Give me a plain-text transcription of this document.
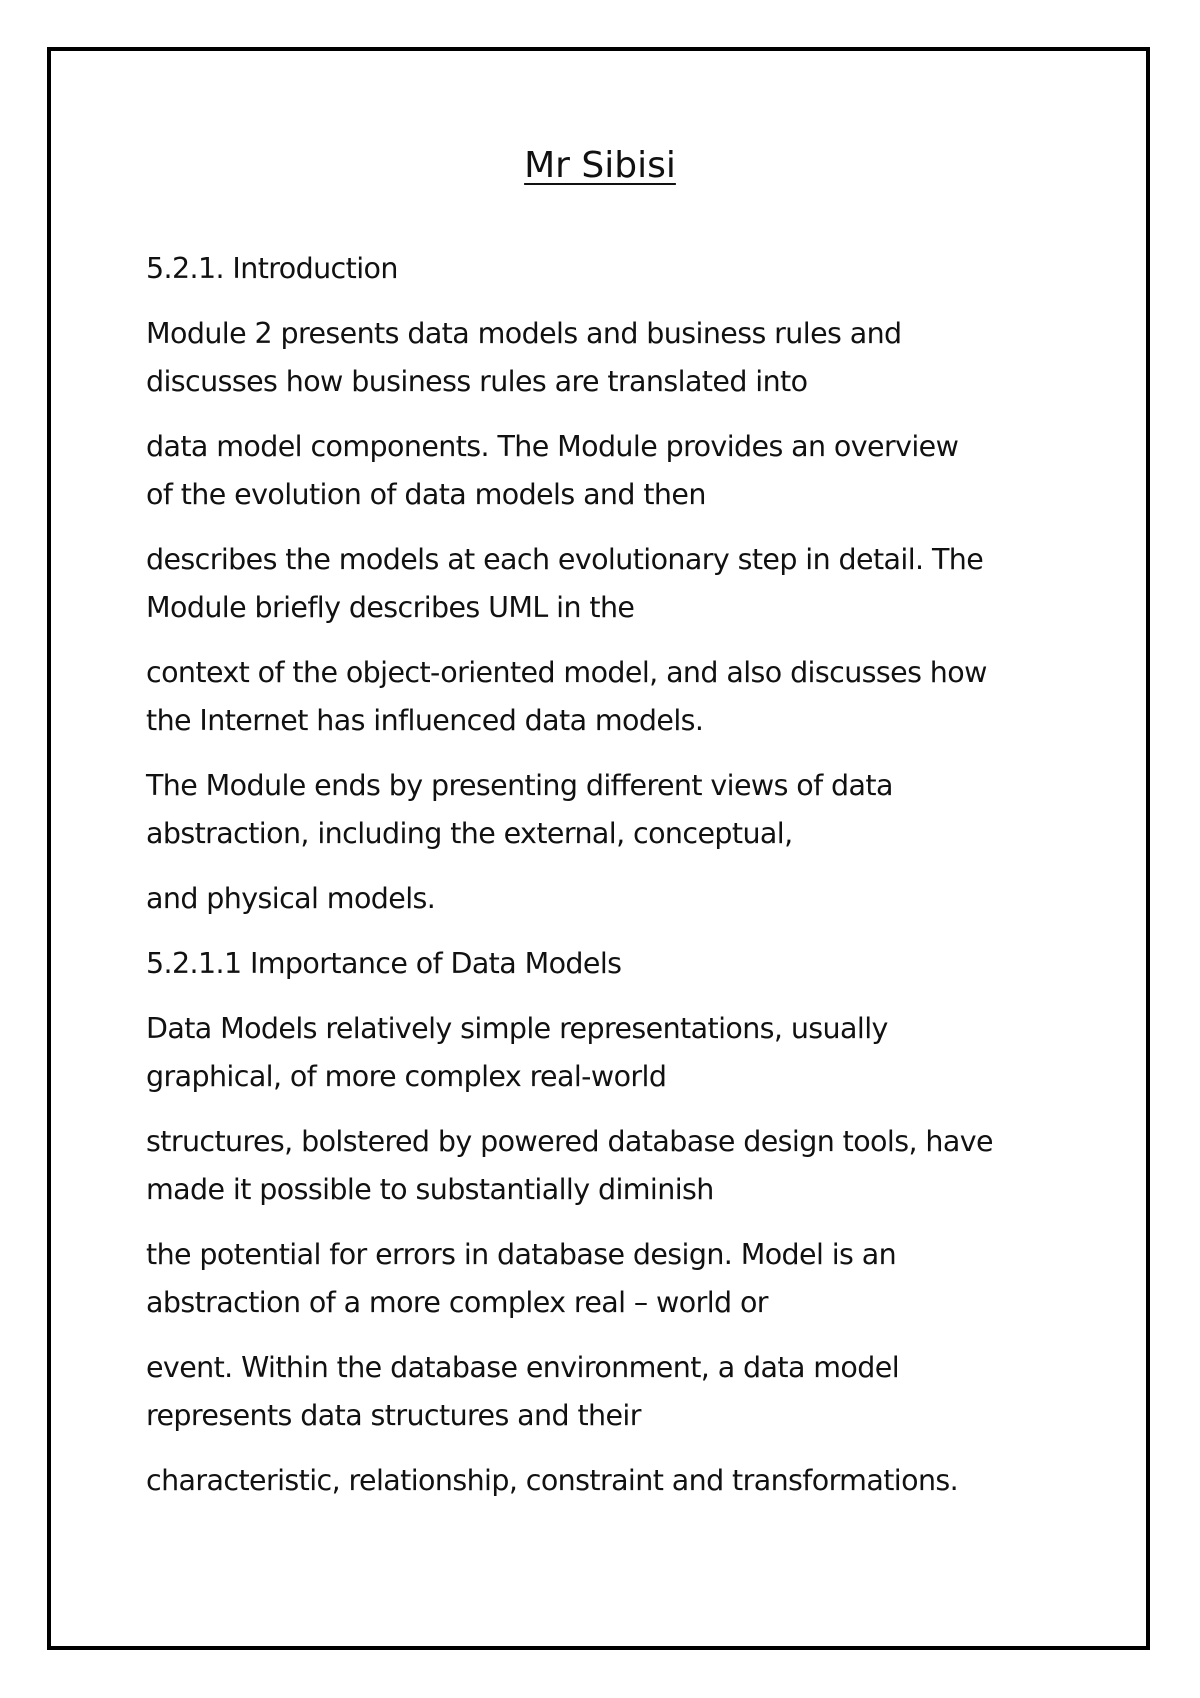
Mr Sibisi

5.2.1. Introduction

Module 2 presents data models and business rules and
discusses how business rules are translated into

data model components. The Module provides an overview
of the evolution of data models and then

describes the models at each evolutionary step in detail. The
Module briefly describes UML in the

context of the object-oriented model, and also discusses how
the Internet has influenced data models.

The Module ends by presenting different views of data
abstraction, including the external, conceptual,

and physical models.

5.2.1.1 Importance of Data Models

Data Models relatively simple representations, usually
graphical, of more complex real-world

structures, bolstered by powered database design tools, have
made it possible to substantially diminish

the potential for errors in database design. Model is an
abstraction of a more complex real – world or

event. Within the database environment, a data model
represents data structures and their

characteristic, relationship, constraint and transformations.
